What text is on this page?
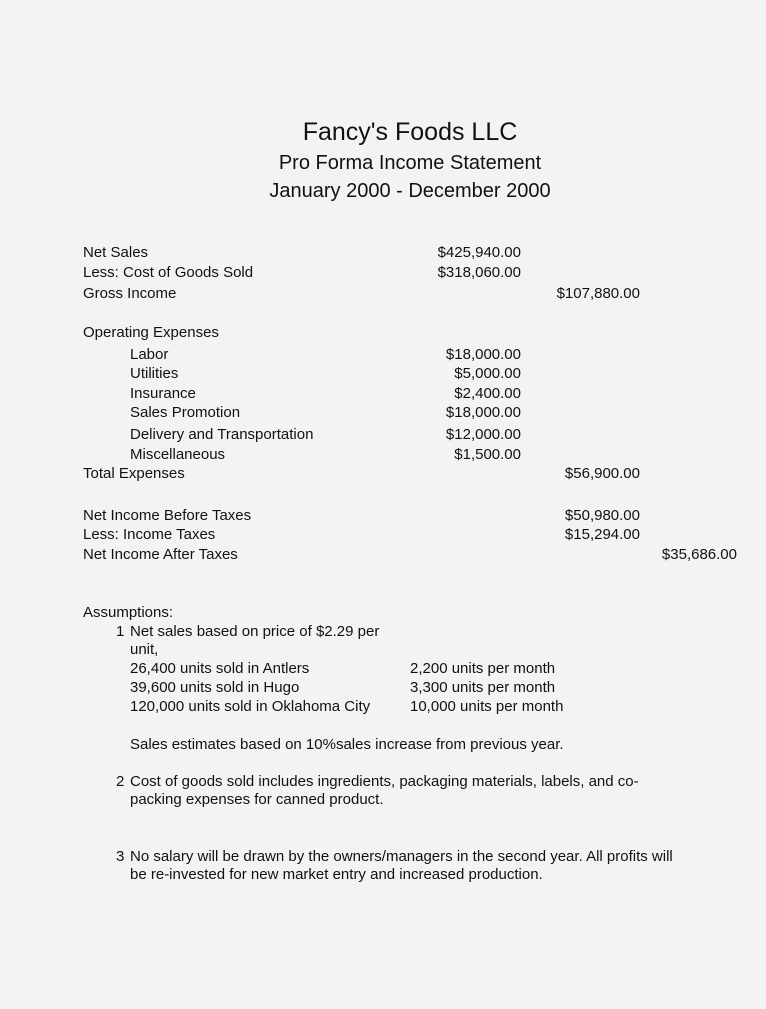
Fancy's Foods LLC
Pro Forma Income Statement
January 2000 - December 2000
Net Sales	$425,940.00
Less: Cost of Goods Sold	$318,060.00
Gross Income	$107,880.00
Operating Expenses
Labor	$18,000.00
Utilities	$5,000.00
Insurance	$2,400.00
Sales Promotion	$18,000.00
Delivery and Transportation	$12,000.00
Miscellaneous	$1,500.00
Total Expenses	$56,900.00
Net Income Before Taxes	$50,980.00
Less: Income Taxes	$15,294.00
Net Income After Taxes	$35,686.00
Assumptions:
1 Net sales based on price of $2.29 per
unit,
26,400 units sold in Antlers	2,200 units per month
39,600 units sold in Hugo	3,300 units per month
120,000 units sold in Oklahoma City	10,000 units per month
Sales estimates based on 10%sales increase from previous year.
2 Cost of goods sold includes ingredients, packaging materials, labels, and co-
packing expenses for canned product.
3 No salary will be drawn by the owners/managers in the second year. All profits will
be re-invested for new market entry and increased production.
